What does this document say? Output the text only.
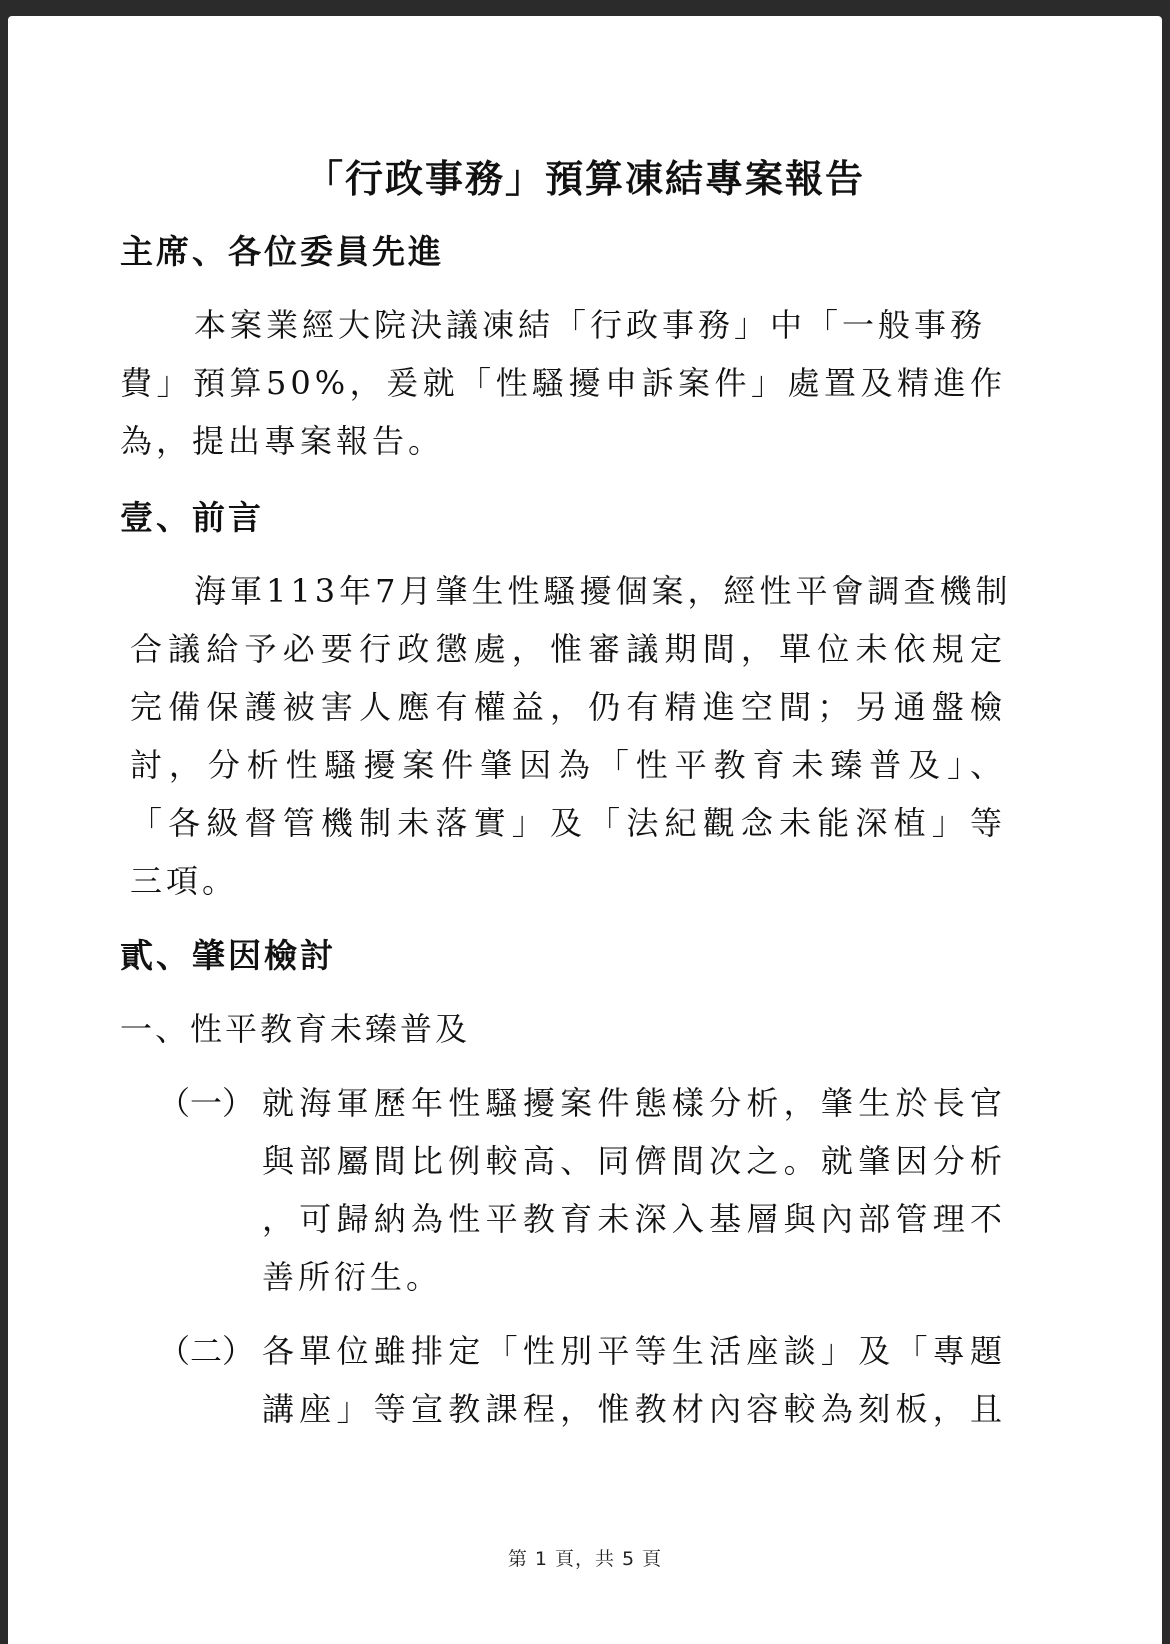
「行政事務」預算凍結專案報告
主席、各位委員先進
本案業經大院決議凍結「行政事務」中「一般事務
費」預算50%，爰就「性騷擾申訴案件」處置及精進作
為，提出專案報告。
壹、前言
海軍113年7月肇生性騷擾個案，經性平會調查機制
合議給予必要行政懲處，惟審議期間，單位未依規定
完備保護被害人應有權益，仍有精進空間；另通盤檢
討，分析性騷擾案件肇因為「性平教育未臻普及」、
「各級督管機制未落實」及「法紀觀念未能深植」等
三項。
貳、肇因檢討
一、性平教育未臻普及
（一） 就海軍歷年性騷擾案件態樣分析，肇生於長官
與部屬間比例較高、同儕間次之。就肇因分析
，可歸納為性平教育未深入基層與內部管理不
善所衍生。
（二） 各單位雖排定「性別平等生活座談」及「專題
講座」等宣教課程，惟教材內容較為刻板，且
第 1 頁，共 5 頁
